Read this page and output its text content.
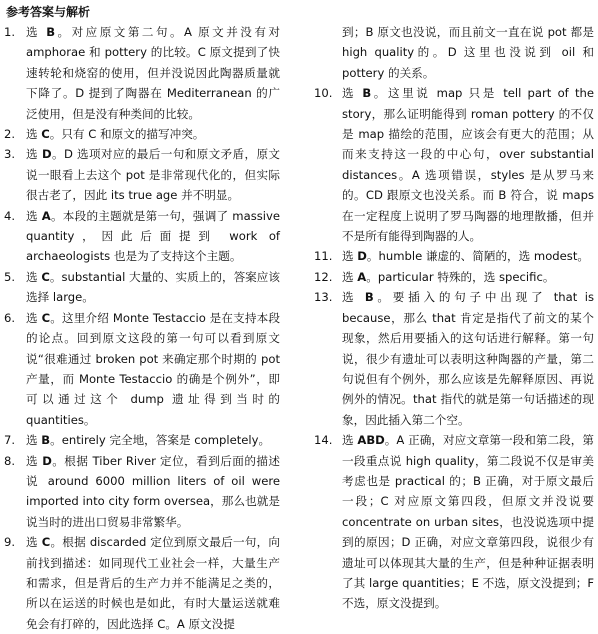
参考答案与解析
1. 选 B。对应原文第二句。A 原文并没有对 amphorae 和 pottery 的比较。C 原文提到了快速转轮和烧窑的使用，但并没说因此陶器质量就下降了。D 提到了陶器在 Mediterranean 的广泛使用，但是没有种类间的比较。
2. 选 C。只有 C 和原文的描写冲突。
3. 选 D。D 选项对应的最后一句和原文矛盾，原文说一眼看上去这个 pot 是非常现代化的，但实际很古老了，因此 its true age 并不明显。
4. 选 A。本段的主题就是第一句，强调了 massive quantity，因此后面提到 work of archaeologists 也是为了支持这个主题。
5. 选 C。substantial 大量的、实质上的，答案应该选择 large。
6. 选 C。这里介绍 Monte Testaccio 是在支持本段的论点。回到原文这段的第一句可以看到原文说“很难通过 broken pot 来确定那个时期的 pot 产量，而 Monte Testaccio 的确是个例外”，即可以通过这个 dump 遗址得到当时的 quantities。
7. 选 B。entirely 完全地，答案是 completely。
8. 选 D。根据 Tiber River 定位，看到后面的描述说 around 6000 million liters of oil were imported into city form oversea，那么也就是说当时的进出口贸易非常繁华。
9. 选 C。根据 discarded 定位到原文最后一句，向前找到描述：如同现代工业社会一样，大量生产和需求，但是背后的生产力并不能满足之类的，所以在运送的时候也是如此，有时大量运送就难免会有打碎的，因此选择 C。A 原文没提
到；B 原文也没说，而且前文一直在说 pot 都是 high quality的。D 这里也没说到 oil 和 pottery 的关系。
10. 选 B。这里说 map 只是 tell part of the story，那么证明能得到 roman pottery 的不仅是 map 描绘的范围，应该会有更大的范围；从而来支持这一段的中心句，over substantial distances。A 选项错误，styles 是从罗马来的。CD 跟原文也没关系。而 B 符合，说 maps 在一定程度上说明了罗马陶器的地理散播，但并不是所有能得到陶器的人。
11. 选 D。humble 谦虚的、简陋的，选 modest。
12. 选 A。particular 特殊的，选 specific。
13. 选 B。要插入的句子中出现了 that is because，那么 that 肯定是指代了前文的某个现象，然后用要插入的这句话进行解释。第一句说，很少有遗址可以表明这种陶器的产量，第二句说但有个例外，那么应该是先解释原因、再说例外的情况。that 指代的就是第一句话描述的现象，因此插入第二个空。
14. 选 ABD。A 正确，对应文章第一段和第二段，第一段重点说 high quality，第二段说不仅是审美考虑也是 practical 的；B 正确，对于原文最后一段；C 对应原文第四段，但原文并没说要 concentrate on urban sites，也没说选项中提到的原因；D 正确，对应文章第四段，说很少有遗址可以体现其大量的生产，但是种种证据表明了其 large quantities；E 不选，原文没提到；F 不选，原文没提到。
